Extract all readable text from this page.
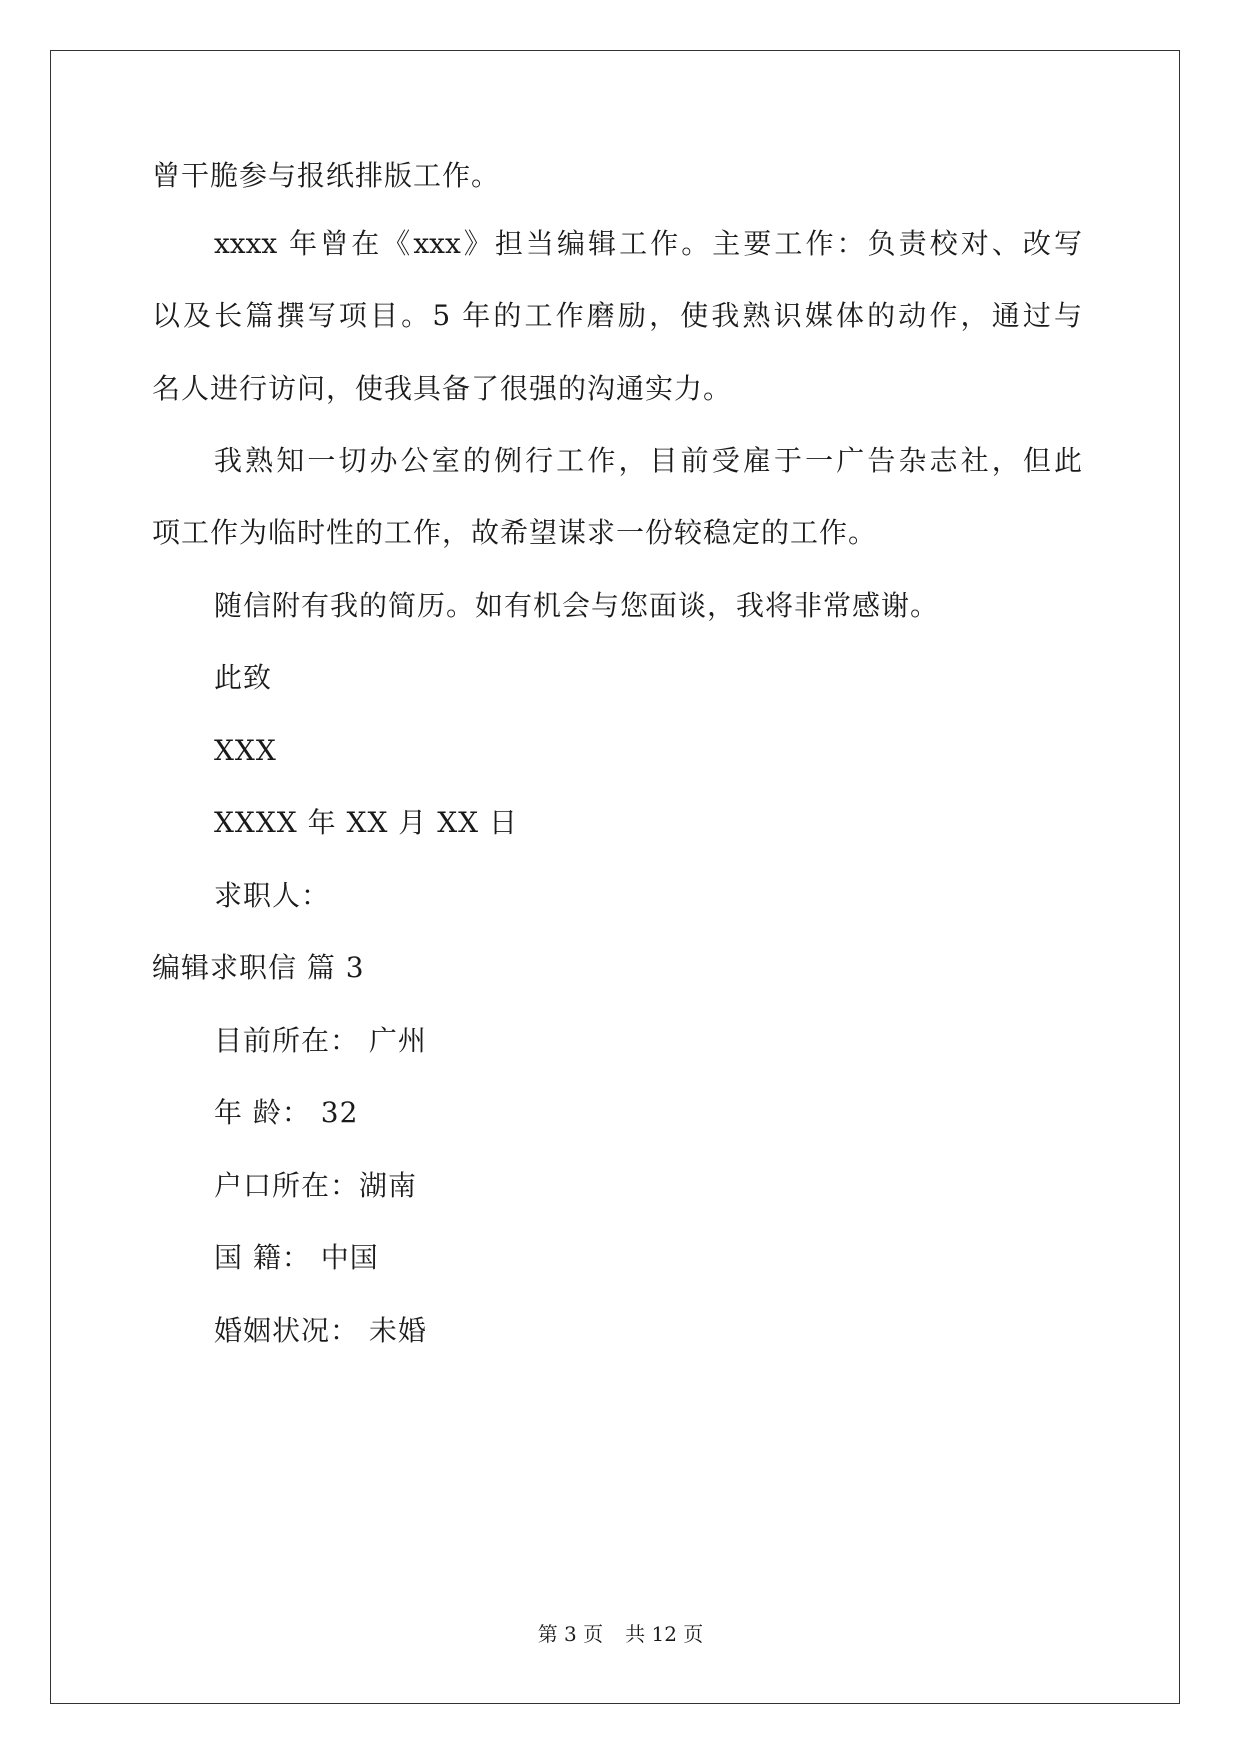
曾干脆参与报纸排版工作。
xxxx 年曾在《xxx》担当编辑工作。主要工作：负责校对、改写
以及长篇撰写项目。5 年的工作磨励，使我熟识媒体的动作，通过与
名人进行访问，使我具备了很强的沟通实力。
我熟知一切办公室的例行工作，目前受雇于一广告杂志社，但此
项工作为临时性的工作，故希望谋求一份较稳定的工作。
随信附有我的简历。如有机会与您面谈，我将非常感谢。
此致
XXX
XXXX 年 XX 月 XX 日
求职人：
编辑求职信 篇 3
目前所在： 广州
年 龄： 32
户口所在：湖南
国 籍： 中国
婚姻状况： 未婚
第 3 页 共 12 页
